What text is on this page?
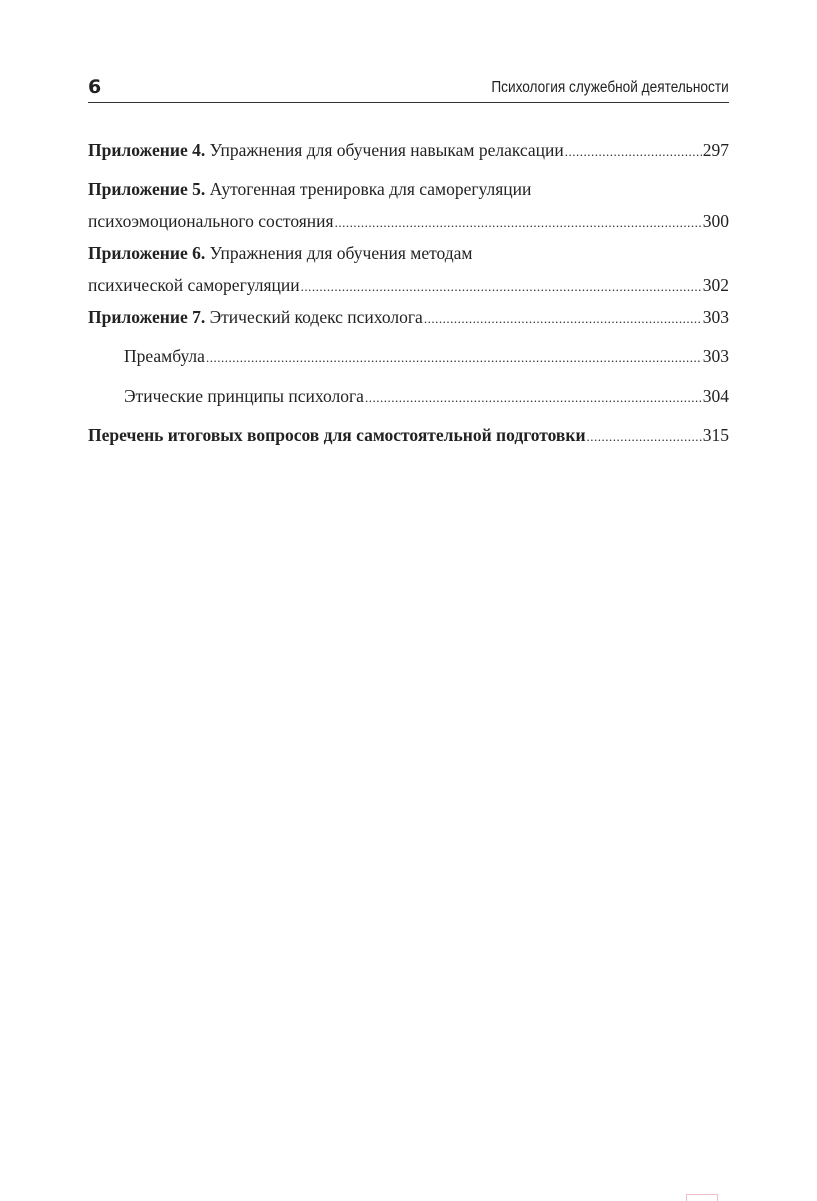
6	Психология служебной деятельности
Приложение 4.
Упражнения для обучения навыкам релаксации .....	297
Приложение 5.
Аутогенная тренировка для саморегуляции
психоэмоционального состояния .....	300
Приложение 6.
Упражнения для обучения методам
психической саморегуляции .....	302
Приложение 7.
Этический кодекс психолога .....	303
Преамбула .....	303
Этические принципы психолога .....	304
Перечень итоговых вопросов для самостоятельной подготовки .....	315
